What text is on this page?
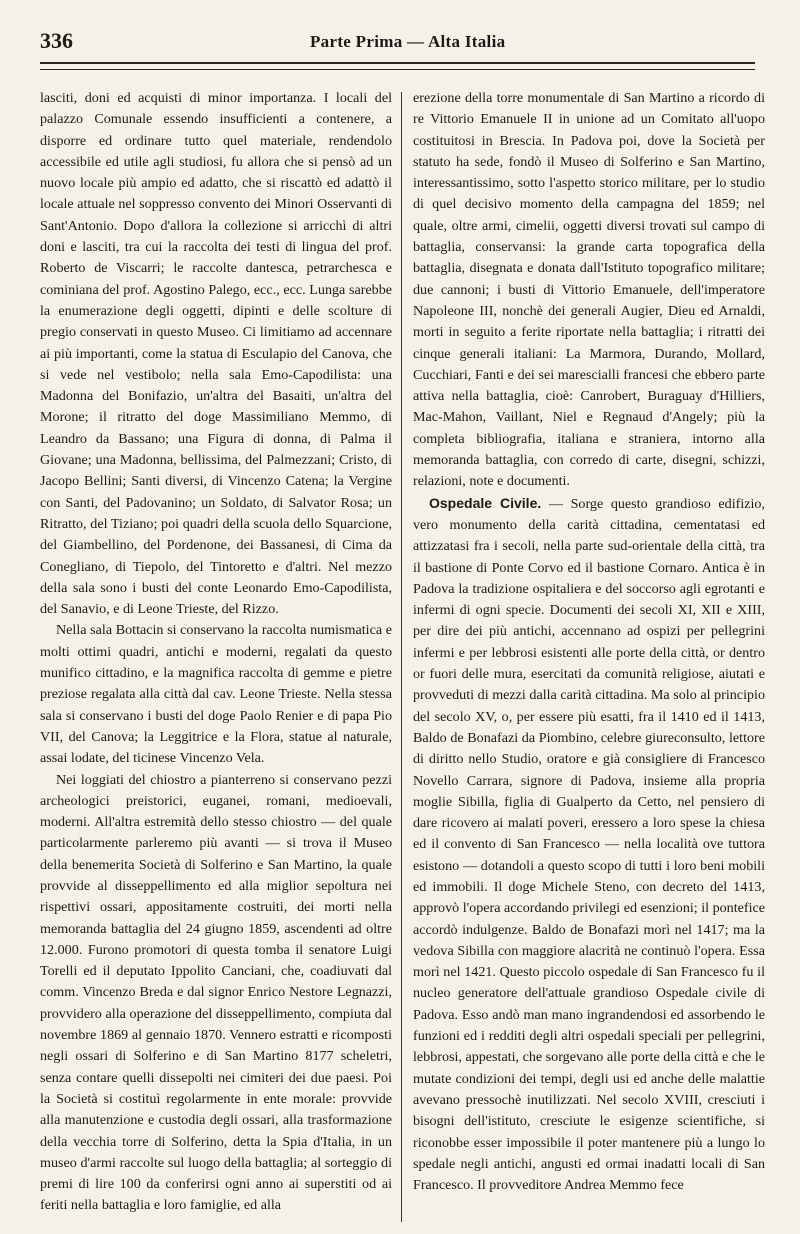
336	Parte Prima — Alta Italia

lasciti, doni ed acquisti di minor importanza. I locali del palazzo Comunale essendo insufficienti a contenere, a disporre ed ordinare tutto quel materiale, rendendolo accessibile ed utile agli studiosi, fu allora che si pensò ad un nuovo locale più ampio ed adatto, che si riscattò ed adattò il locale attuale nel soppresso convento dei Minori Osservanti di Sant'Antonio. Dopo d'allora la collezione si arricchì di altri doni e lasciti, tra cui la raccolta dei testi di lingua del prof. Roberto de Viscarri; le raccolte dantesca, petrarchesca e cominiana del prof. Agostino Palego, ecc., ecc. Lunga sarebbe la enumerazione degli oggetti, dipinti e delle scolture di pregio conservati in questo Museo. Ci limitiamo ad accennare ai più importanti, come la statua di Esculapio del Canova, che si vede nel vestibolo; nella sala Emo-Capodilista: una Madonna del Bonifazio, un'altra del Basaiti, un'altra del Morone; il ritratto del doge Massimiliano Memmo, di Leandro da Bassano; una Figura di donna, di Palma il Giovane; una Madonna, bellissima, del Palmezzani; Cristo, di Jacopo Bellini; Santi diversi, di Vincenzo Catena; la Vergine con Santi, del Padovanino; un Soldato, di Salvator Rosa; un Ritratto, del Tiziano; poi quadri della scuola dello Squarcione, del Giambellino, del Pordenone, dei Bassanesi, di Cima da Conegliano, di Tiepolo, del Tintoretto e d'altri. Nel mezzo della sala sono i busti del conte Leonardo Emo-Capodilista, del Sanavio, e di Leone Trieste, del Rizzo.

Nella sala Bottacin si conservano la raccolta numismatica e molti ottimi quadri, antichi e moderni, regalati da questo munifico cittadino, e la magnifica raccolta di gemme e pietre preziose regalata alla città dal cav. Leone Trieste. Nella stessa sala si conservano i busti del doge Paolo Renier e di papa Pio VII, del Canova; la Leggitrice e la Flora, statue al naturale, assai lodate, del ticinese Vincenzo Vela.

Nei loggiati del chiostro a pianterreno si conservano pezzi archeologici preistorici, euganei, romani, medioevali, moderni. All'altra estremità dello stesso chiostro — del quale particolarmente parleremo più avanti — si trova il Museo della benemerita Società di Solferino e San Martino, la quale provvide al disseppellimento ed alla miglior sepoltura nei rispettivi ossari, appositamente costruiti, dei morti nella memoranda battaglia del 24 giugno 1859, ascendenti ad oltre 12.000. Furono promotori di questa tomba il senatore Luigi Torelli ed il deputato Ippolito Canciani, che, coadiuvati dal comm. Vincenzo Breda e dal signor Enrico Nestore Legnazzi, provvidero alla operazione del disseppellimento, compiuta dal novembre 1869 al gennaio 1870. Vennero estratti e ricomposti negli ossari di Solferino e di San Martino 8177 scheletri, senza contare quelli dissepolti nei cimiteri dei due paesi. Poi la Società si costituì regolarmente in ente morale: provvide alla manutenzione e custodia degli ossari, alla trasformazione della vecchia torre di Solferino, detta la Spia d'Italia, in un museo d'armi raccolte sul luogo della battaglia; al sorteggio di premi di lire 100 da conferirsi ogni anno ai superstiti od ai feriti nella battaglia e loro famiglie, ed alla

erezione della torre monumentale di San Martino a ricordo di re Vittorio Emanuele II in unione ad un Comitato all'uopo costituitosi in Brescia. In Padova poi, dove la Società per statuto ha sede, fondò il Museo di Solferino e San Martino, interessantissimo, sotto l'aspetto storico militare, per lo studio di quel decisivo momento della campagna del 1859; nel quale, oltre armi, cimelii, oggetti diversi trovati sul campo di battaglia, conservansi: la grande carta topografica della battaglia, disegnata e donata dall'Istituto topografico militare; due cannoni; i busti di Vittorio Emanuele, dell'imperatore Napoleone III, nonchè dei generali Augier, Dieu ed Arnaldi, morti in seguito a ferite riportate nella battaglia; i ritratti dei cinque generali italiani: La Marmora, Durando, Mollard, Cucchiari, Fanti e dei sei marescialli francesi che ebbero parte attiva nella battaglia, cioè: Canrobert, Buraguay d'Hilliers, Mac-Mahon, Vaillant, Niel e Regnaud d'Angely; più la completa bibliografia, italiana e straniera, intorno alla memoranda battaglia, con corredo di carte, disegni, schizzi, relazioni, note e documenti.

Ospedale Civile. — Sorge questo grandioso edifizio, vero monumento della carità cittadina, cementatasi ed attizzatasi fra i secoli, nella parte sud-orientale della città, tra il bastione di Ponte Corvo ed il bastione Cornaro. Antica è in Padova la tradizione ospitaliera e del soccorso agli egrotanti e infermi di ogni specie. Documenti dei secoli XI, XII e XIII, per dire dei più antichi, accennano ad ospizi per pellegrini infermi e per lebbrosi esistenti alle porte della città, or dentro or fuori delle mura, esercitati da comunità religiose, aiutati e provveduti di mezzi dalla carità cittadina. Ma solo al principio del secolo XV, o, per essere più esatti, fra il 1410 ed il 1413, Baldo de Bonafazi da Piombino, celebre giureconsulto, lettore di diritto nello Studio, oratore e già consigliere di Francesco Novello Carrara, signore di Padova, insieme alla propria moglie Sibilla, figlia di Gualperto da Cetto, nel pensiero di dare ricovero ai malati poveri, eressero a loro spese la chiesa ed il convento di San Francesco — nella località ove tuttora esistono — dotandoli a questo scopo di tutti i loro beni mobili ed immobili. Il doge Michele Steno, con decreto del 1413, approvò l'opera accordando privilegi ed esenzioni; il pontefice accordò indulgenze. Baldo de Bonafazi morì nel 1417; ma la vedova Sibilla con maggiore alacrità ne continuò l'opera. Essa morì nel 1421. Questo piccolo ospedale di San Francesco fu il nucleo generatore dell'attuale grandioso Ospedale civile di Padova. Esso andò man mano ingrandendosi ed assorbendo le funzioni ed i redditi degli altri ospedali speciali per pellegrini, lebbrosi, appestati, che sorgevano alle porte della città e che le mutate condizioni dei tempi, degli usi ed anche delle malattie avevano pressochè inutilizzati. Nel secolo XVIII, cresciuti i bisogni dell'istituto, cresciute le esigenze scientifiche, si riconobbe esser impossibile il poter mantenere più a lungo lo spedale negli antichi, angusti ed ormai inadatti locali di San Francesco. Il provveditore Andrea Memmo fece
